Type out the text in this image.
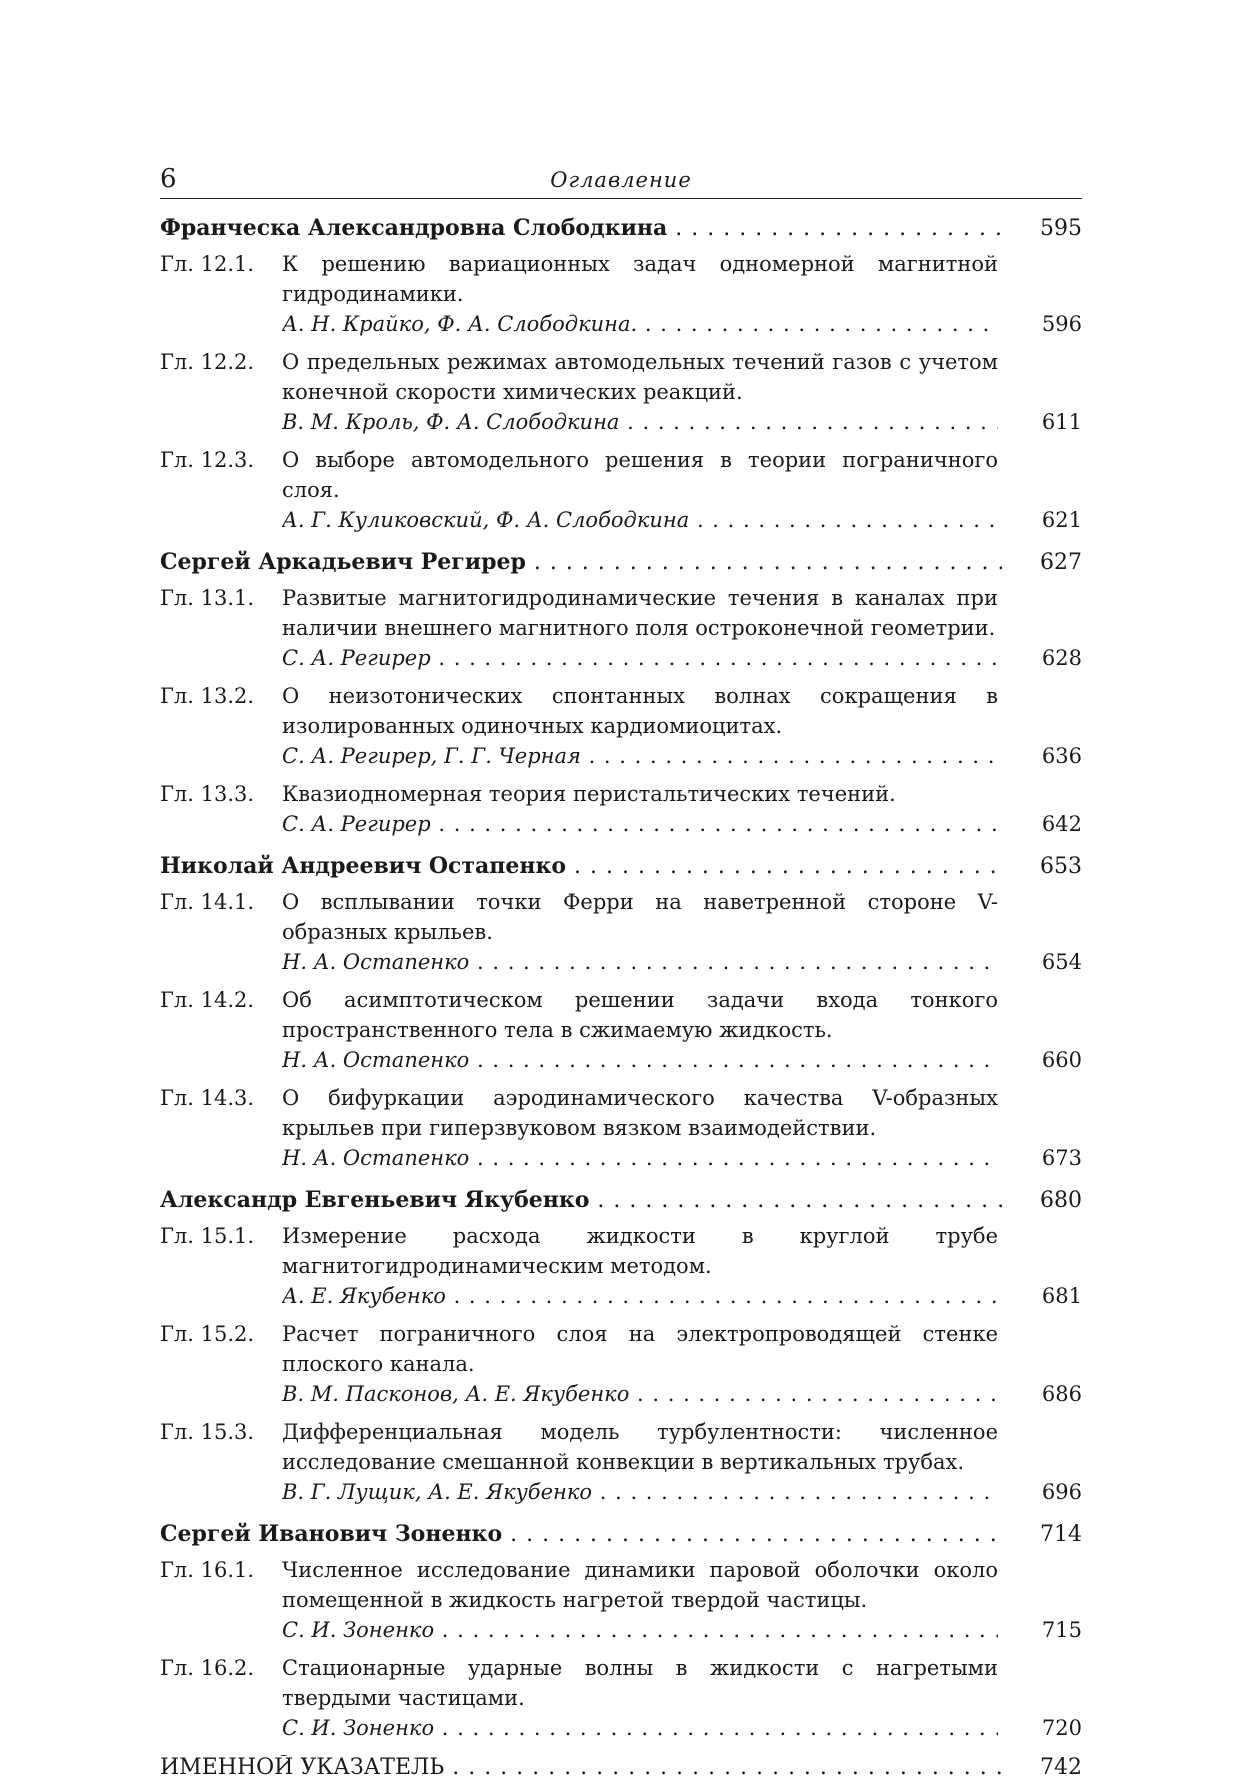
6	Оглавление
Франческа Александровна Слободкина . . .	595
Гл. 12.1.	К решению вариационных задач одномерной магнитной гидродинамики.
А. Н. Крайко, Ф. А. Слободкина. . . .	596
Гл. 12.2.	О предельных режимах автомодельных течений газов с учетом конечной скорости химических реакций.
В. М. Кроль, Ф. А. Слободкина . . .	611
Гл. 12.3.	О выборе автомодельного решения в теории пограничного слоя.
А. Г. Куликовский, Ф. А. Слободкина . . .	621
Сергей Аркадьевич Регирер . . .	627
Гл. 13.1.	Развитые магнитогидродинамические течения в каналах при наличии внешнего магнитного поля остроконечной геометрии.
С. А. Регирер . . .	628
Гл. 13.2.	О неизотонических спонтанных волнах сокращения в изолированных одиночных кардиомиоцитах.
С. А. Регирер, Г. Г. Черная . . .	636
Гл. 13.3.	Квазиодномерная теория перистальтических течений.
С. А. Регирер . . .	642
Николай Андреевич Остапенко . . .	653
Гл. 14.1.	О всплывании точки Ферри на наветренной стороне V-образных крыльев.
Н. А. Остапенко . . .	654
Гл. 14.2.	Об асимптотическом решении задачи входа тонкого пространственного тела в сжимаемую жидкость.
Н. А. Остапенко . . .	660
Гл. 14.3.	О бифуркации аэродинамического качества V-образных крыльев при гиперзвуковом вязком взаимодействии.
Н. А. Остапенко . . .	673
Александр Евгеньевич Якубенко . . .	680
Гл. 15.1.	Измерение расхода жидкости в круглой трубе магнитогидродинамическим методом.
А. Е. Якубенко . . .	681
Гл. 15.2.	Расчет пограничного слоя на электропроводящей стенке плоского канала.
В. М. Пасконов, А. Е. Якубенко . . .	686
Гл. 15.3.	Дифференциальная модель турбулентности: численное исследование смешанной конвекции в вертикальных трубах.
В. Г. Лущик, А. Е. Якубенко . . .	696
Сергей Иванович Зоненко . . .	714
Гл. 16.1.	Численное исследование динамики паровой оболочки около помещенной в жидкость нагретой твердой частицы.
С. И. Зоненко . . .	715
Гл. 16.2.	Стационарные ударные волны в жидкости с нагретыми твердыми частицами.
С. И. Зоненко . . .	720
ИМЕННОЙ УКАЗАТЕЛЬ . . .	742
